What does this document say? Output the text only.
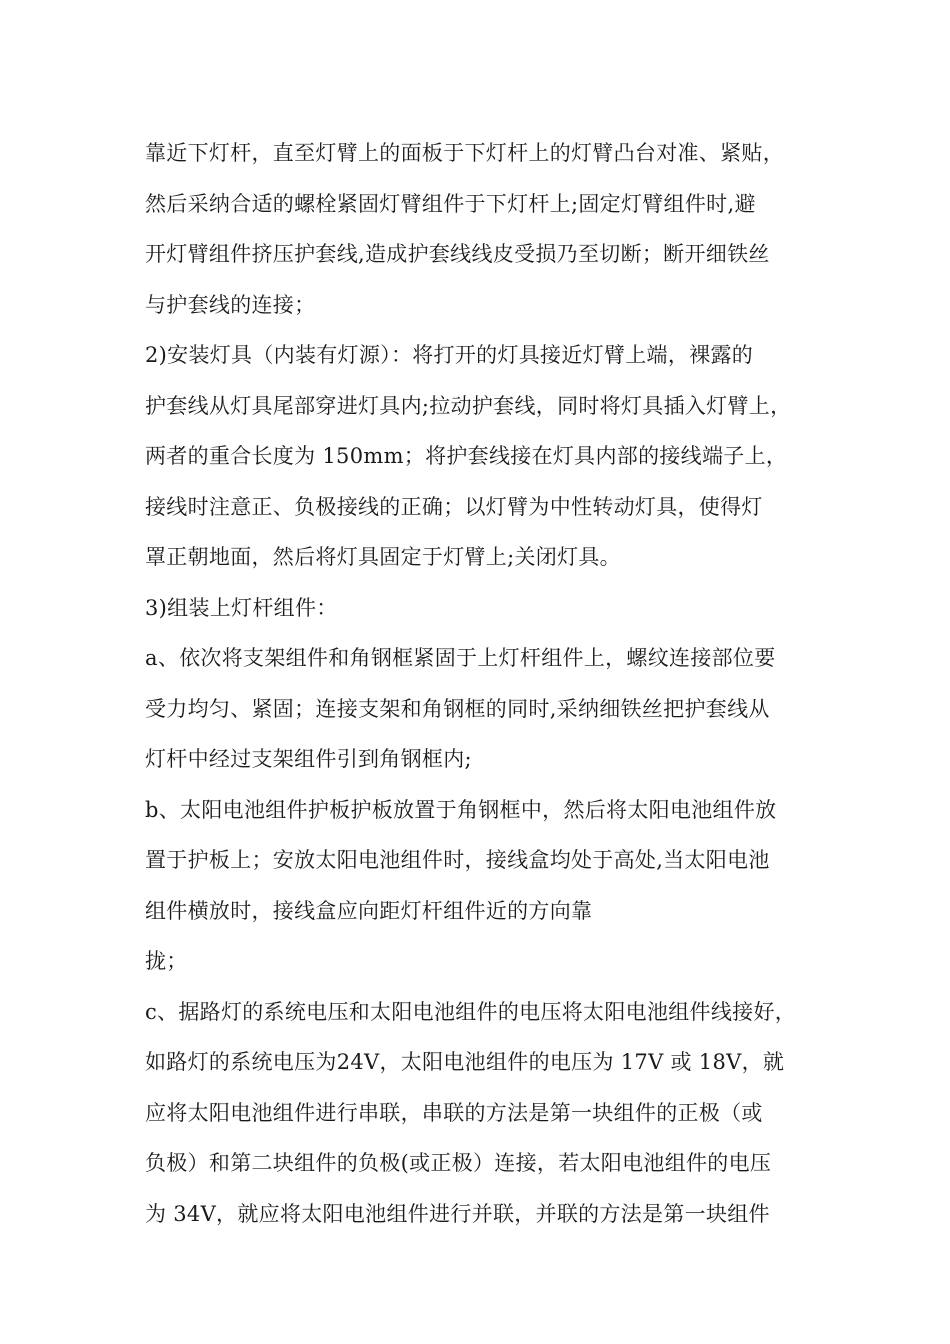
靠近下灯杆，直至灯臂上的面板于下灯杆上的灯臂凸台对准、紧贴，
然后采纳合适的螺栓紧固灯臂组件于下灯杆上;固定灯臂组件时,避
开灯臂组件挤压护套线,造成护套线线皮受损乃至切断；断开细铁丝
与护套线的连接；
2)安装灯具（内装有灯源）：将打开的灯具接近灯臂上端，裸露的
护套线从灯具尾部穿进灯具内;拉动护套线，同时将灯具插入灯臂上，
两者的重合长度为 150mm；将护套线接在灯具内部的接线端子上，
接线时注意正、负极接线的正确；以灯臂为中性转动灯具，使得灯
罩正朝地面，然后将灯具固定于灯臂上;关闭灯具。
3)组装上灯杆组件：
a、依次将支架组件和角钢框紧固于上灯杆组件上，螺纹连接部位要
受力均匀、紧固；连接支架和角钢框的同时,采纳细铁丝把护套线从
灯杆中经过支架组件引到角钢框内;
b、太阳电池组件护板护板放置于角钢框中，然后将太阳电池组件放
置于护板上；安放太阳电池组件时，接线盒均处于高处,当太阳电池
组件横放时，接线盒应向距灯杆组件近的方向靠
拢；
c、据路灯的系统电压和太阳电池组件的电压将太阳电池组件线接好，
如路灯的系统电压为24V，太阳电池组件的电压为 17V 或 18V，就
应将太阳电池组件进行串联，串联的方法是第一块组件的正极（或
负极）和第二块组件的负极(或正极）连接，若太阳电池组件的电压
为 34V，就应将太阳电池组件进行并联，并联的方法是第一块组件
